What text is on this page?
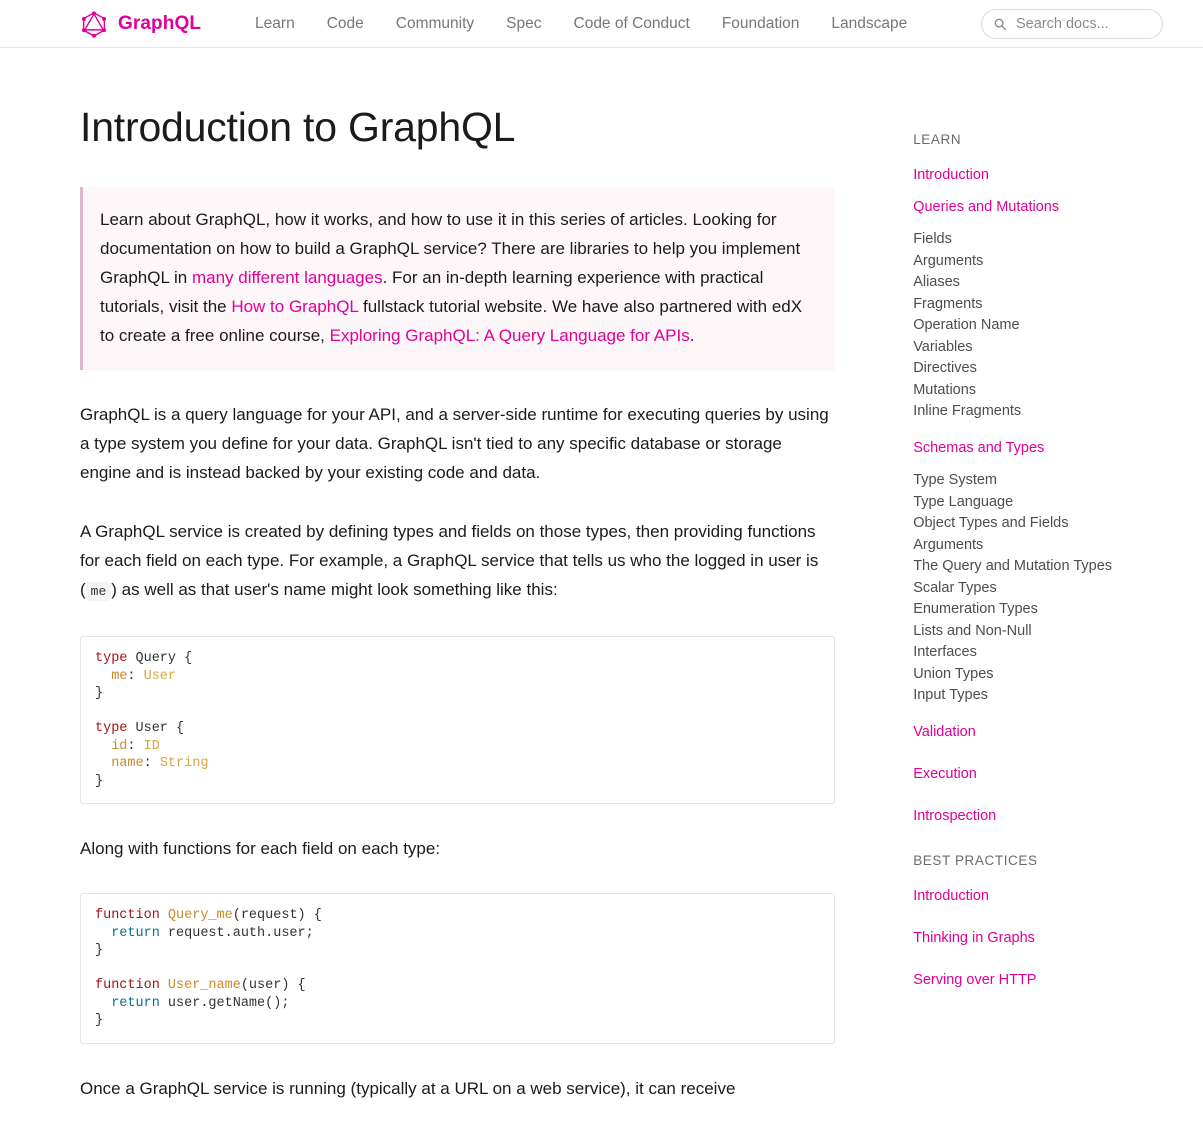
GraphQL	Learn	Code	Community	Spec	Code of Conduct	Foundation	Landscape
Search docs...
Introduction to GraphQL
Learn about GraphQL, how it works, and how to use it in this series of articles. Looking for documentation on how to build a GraphQL service? There are libraries to help you implement GraphQL in many different languages. For an in-depth learning experience with practical tutorials, visit the How to GraphQL fullstack tutorial website. We have also partnered with edX to create a free online course, Exploring GraphQL: A Query Language for APIs.

GraphQL is a query language for your API, and a server-side runtime for executing queries by using a type system you define for your data. GraphQL isn't tied to any specific database or storage engine and is instead backed by your existing code and data.

A GraphQL service is created by defining types and fields on those types, then providing functions for each field on each type. For example, a GraphQL service that tells us who the logged in user is ( me ) as well as that user's name might look something like this:

type Query {
me: User
}

type User {
id: ID
name: String
}

Along with functions for each field on each type:

function Query_me(request) {
return request.auth.user;
}

function User_name(user) {
return user.getName();
}

Once a GraphQL service is running (typically at a URL on a web service), it can receive

LEARN
Introduction
Queries and Mutations
Fields
Arguments
Aliases
Fragments
Operation Name
Variables
Directives
Mutations
Inline Fragments
Schemas and Types
Type System
Type Language
Object Types and Fields
Arguments
The Query and Mutation Types
Scalar Types
Enumeration Types
Lists and Non-Null
Interfaces
Union Types
Input Types
Validation
Execution
Introspection
BEST PRACTICES
Introduction
Thinking in Graphs
Serving over HTTP
